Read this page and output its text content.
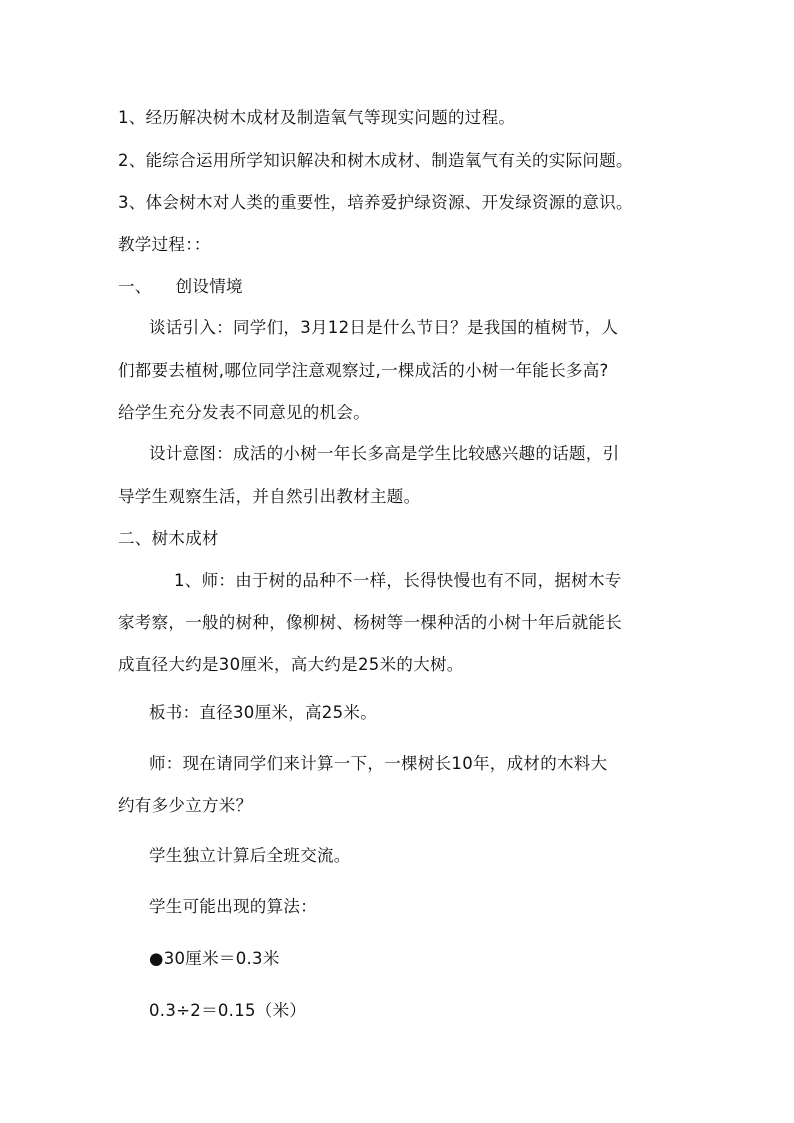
1、经历解决树木成材及制造氧气等现实问题的过程。
2、能综合运用所学知识解决和树木成材、制造氧气有关的实际问题。
3、体会树木对人类的重要性，培养爱护绿资源、开发绿资源的意识。
教学过程：：
一、 创设情境
谈话引入：同学们，3月12日是什么节日？是我国的植树节，人
们都要去植树,哪位同学注意观察过,一棵成活的小树一年能长多高?
给学生充分发表不同意见的机会。
设计意图：成活的小树一年长多高是学生比较感兴趣的话题，引
导学生观察生活，并自然引出教材主题。
二、树木成材
1、师：由于树的品种不一样，长得快慢也有不同，据树木专
家考察，一般的树种，像柳树、杨树等一棵种活的小树十年后就能长
成直径大约是30厘米，高大约是25米的大树。
板书：直径30厘米，高25米。
师：现在请同学们来计算一下，一棵树长10年，成材的木料大
约有多少立方米？
学生独立计算后全班交流。
学生可能出现的算法：
●30厘米＝0.3米
0.3÷2＝0.15（米）
